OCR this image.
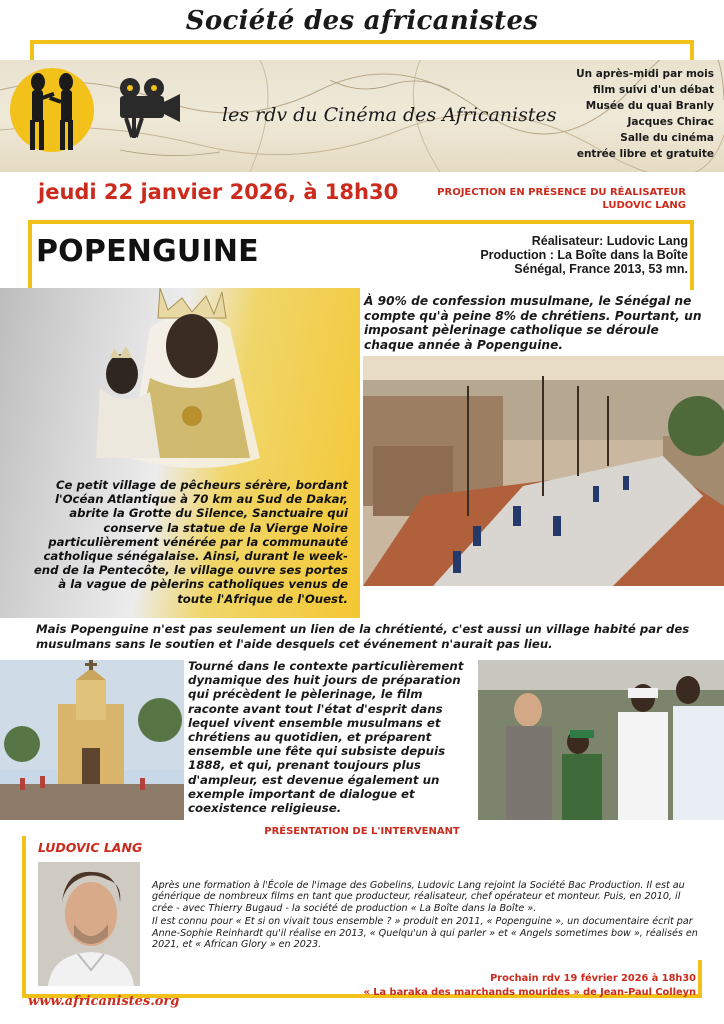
Société des africanistes
les rdv du Cinéma des Africanistes
Un après-midi par mois
film suivi d'un débat
Musée du quai Branly
Jacques Chirac
Salle du cinéma
entrée libre et gratuite
jeudi 22 janvier 2026, à 18h30	PROJECTION EN PRÉSENCE DU RÉALISATEUR
LUDOVIC LANG
POPENGUINE	Réalisateur: Ludovic Lang
Production : La Boîte dans la Boîte
Sénégal, France 2013, 53 mn.
À 90% de confession musulmane, le Sénégal ne compte qu'à peine 8% de chrétiens. Pourtant, un imposant pèlerinage catholique se déroule chaque année à Popenguine.
Ce petit village de pêcheurs sérère, bordant l'Océan Atlantique à 70 km au Sud de Dakar, abrite la Grotte du Silence, Sanctuaire qui conserve la statue de la Vierge Noire particulièrement vénérée par la communauté catholique sénégalaise. Ainsi, durant le week-end de la Pentecôte, le village ouvre ses portes à la vague de pèlerins catholiques venus de toute l'Afrique de l'Ouest.
Mais Popenguine n'est pas seulement un lien de la chrétienté, c'est aussi un village habité par des musulmans sans le soutien et l'aide desquels cet événement n'aurait pas lieu.
Tourné dans le contexte particulièrement dynamique des huit jours de préparation qui précèdent le pèlerinage, le film raconte avant tout l'état d'esprit dans lequel vivent ensemble musulmans et chrétiens au quotidien, et préparent ensemble une fête qui subsiste depuis 1888, et qui, prenant toujours plus d'ampleur, est devenue également un exemple important de dialogue et coexistence religieuse.
PRÉSENTATION DE L'INTERVENANT
LUDOVIC LANG

Après une formation à l'École de l'image des Gobelins, Ludovic Lang rejoint la Société Bac Production. Il est au générique de nombreux films en tant que producteur, réalisateur, chef opérateur et monteur. Puis, en 2010, il crée - avec Thierry Bugaud - la société de production « La Boîte dans la Boîte ».

Il est connu pour « Et si on vivait tous ensemble ? » produit en 2011, « Popenguine », un documentaire écrit par Anne-Sophie Reinhardt qu'il réalise en 2013, « Quelqu'un à qui parler » et « Angels sometimes bow », réalisés en 2021, et « African Glory » en 2023.

Prochain rdv 19 février 2026 à 18h30
« La baraka des marchands mourides » de Jean-Paul Colleyn
www.africanistes.org
